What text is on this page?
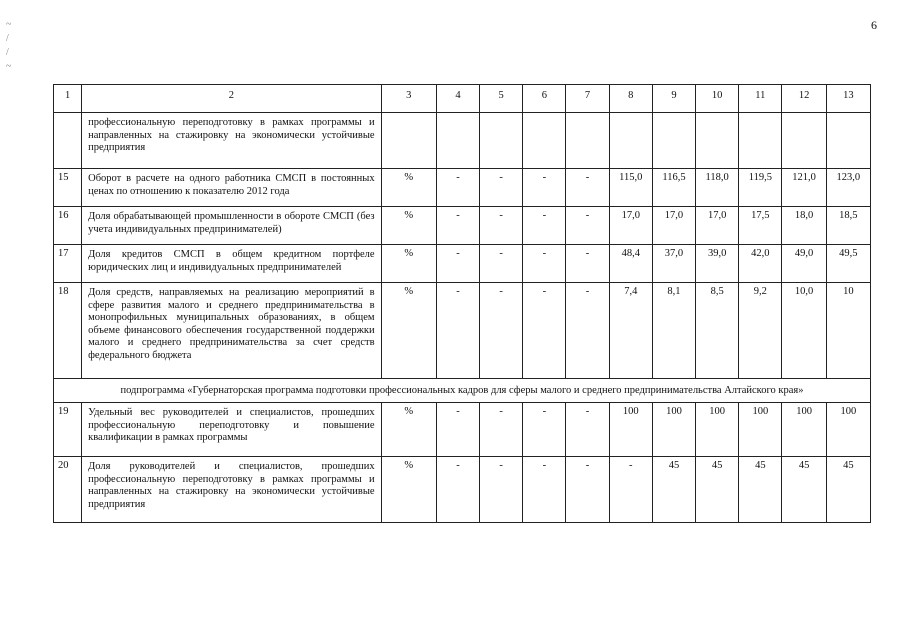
6
~
/
/
~
1	2	3	4	5	6	7	8	9	10	11	12	13
	профессиональную переподготовку в рамках программы и направленных на стажировку на экономически устойчивые предприятия											
15	Оборот в расчете на одного работника СМСП в постоянных ценах по отношению к показателю 2012 года	%	-	-	-	-	115,0	116,5	118,0	119,5	121,0	123,0
16	Доля обрабатывающей промышленности в обороте СМСП (без учета индивидуальных предпринимателей)	%	-	-	-	-	17,0	17,0	17,0	17,5	18,0	18,5
17	Доля кредитов СМСП в общем кредитном портфеле юридических лиц и индивидуальных предпринимателей	%	-	-	-	-	48,4	37,0	39,0	42,0	49,0	49,5
18	Доля средств, направляемых на реализацию мероприятий в сфере развития малого и среднего предпринимательства в монопрофильных муниципальных образованиях, в общем объеме финансового обеспечения государственной поддержки малого и среднего предпринимательства за счет средств федерального бюджета	%	-	-	-	-	7,4	8,1	8,5	9,2	10,0	10
подпрограмма «Губернаторская программа подготовки профессиональных кадров для сферы малого и среднего предпринимательства Алтайского края»												
19	Удельный вес руководителей и специалистов, прошедших профессиональную переподготовку и повышение квалификации в рамках программы	%	-	-	-	-	100	100	100	100	100	100
20	Доля руководителей и специалистов, прошедших профессиональную переподготовку в рамках программы и направленных на стажировку на экономически устойчивые предприятия	%	-	-	-	-	-	45	45	45	45	45
